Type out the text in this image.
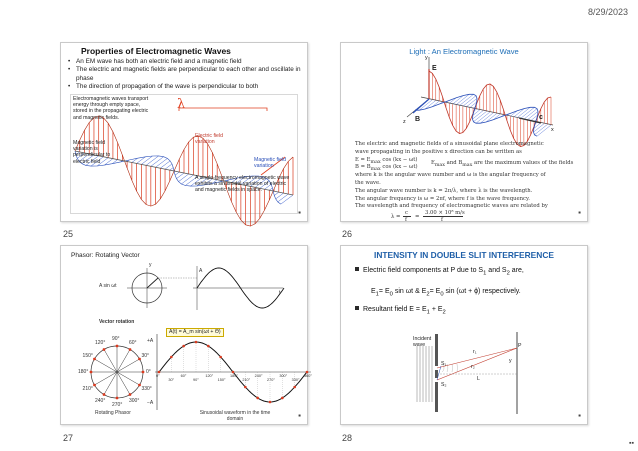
8/29/2023
Properties of Electromagnetic Waves
• An EM wave has both an electric field and a magnetic field
• The electric and magnetic fields are perpendicular to each other and oscillate in phase
• The direction of propagation of the wave is perpendicular to both
λ
Electromagnetic waves transport energy through empty space, stored in the propagating electric and magnetic fields.
Magnetic field variation is perpendicular to electric field
Electric field variation
Magnetic field variation
A single-frequency electromagnetic wave exhibits a sinusoidal variation of electric and magnetic fields in space.
▪
25
Light : An Electromagnetic Wave
E
B	c
x
y
z
The electric and magnetic fields of a sinusoidal plane electromagnetic
wave propagating in the positive x direction can be written as
$E = E_{max}$ cos (kx − ωt)
$B = B_{max}$ cos (kx − ωt)
$E_{max}$ and $B_{max}$ are the maximum values of the fields
where k is the angular wave number and ω is the angular frequency of
the wave.
The angular wave number is k = 2π/λ, where λ is the wavelength.
The angular frequency is ω = 2πf, where f is the wave frequency.
The wavelength and frequency of electromagnetic waves are related by
λ =
c
f =
3.00 × 10⁸ m/s
f
▪
26
Phasor: Rotating Vector
A sin ωt
y
A
t
Vector rotation
A(t) = A_m sin(ωt + Θ)
+A
−A
90°
60°
120°
150°	30°
180°	0°
210°	330°
240°
270°
300°
0°
30°
60°
90°
120°
150°
180°
210°
240°
270°
300°
330°
360°
Rotating Phasor	Sinusoidal waveform in the time domain	▪
27
INTENSITY IN DOUBLE SLIT INTERFERENCE
Electric field components at P due to $S_1$ and $S_2$ are,
$E_1= E_0$ sin ωt & $E_2= E_0$ sin (ωt + ϕ) respectively.
Resultant field $E = E_1 + E_2$
Incident wave	P
S₁
S₂
y
r₁
r₂
L
▪
28
▪▪
